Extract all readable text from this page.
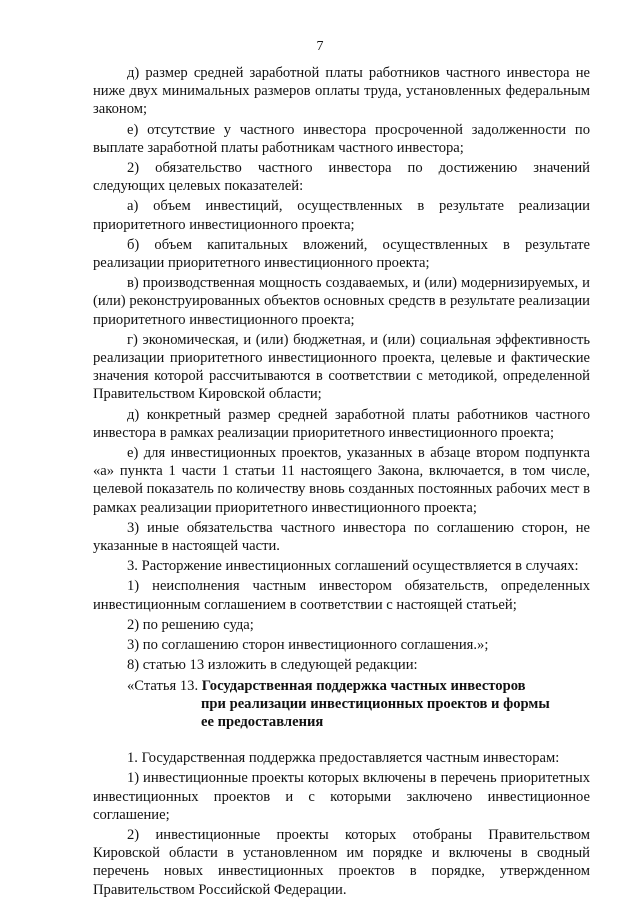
7

д) размер средней заработной платы работников частного инвестора не ниже двух минимальных размеров оплаты труда, установленных федеральным законом;

е) отсутствие у частного инвестора просроченной задолженности по выплате заработной платы работникам частного инвестора;

2) обязательство частного инвестора по достижению значений следующих целевых показателей:

а) объем инвестиций, осуществленных в результате реализации приоритетного инвестиционного проекта;

б) объем капитальных вложений, осуществленных в результате реализации приоритетного инвестиционного проекта;

в) производственная мощность создаваемых, и (или) модернизируемых, и (или) реконструированных объектов основных средств в результате реализации приоритетного инвестиционного проекта;

г) экономическая, и (или) бюджетная, и (или) социальная эффективность реализации приоритетного инвестиционного проекта, целевые и фактические значения которой рассчитываются в соответствии с методикой, определенной Правительством Кировской области;

д) конкретный размер средней заработной платы работников частного инвестора в рамках реализации приоритетного инвестиционного проекта;

е) для инвестиционных проектов, указанных в абзаце втором подпункта «а» пункта 1 части 1 статьи 11 настоящего Закона, включается, в том числе, целевой показатель по количеству вновь созданных постоянных рабочих мест в рамках реализации приоритетного инвестиционного проекта;

3) иные обязательства частного инвестора по соглашению сторон, не указанные в настоящей части.

3. Расторжение инвестиционных соглашений осуществляется в случаях:

1) неисполнения частным инвестором обязательств, определенных инвестиционным соглашением в соответствии с настоящей статьей;

2) по решению суда;

3) по соглашению сторон инвестиционного соглашения.»;

8) статью 13 изложить в следующей редакции:

«Статья 13. Государственная поддержка частных инвесторов

при реализации инвестиционных проектов и формы

ее предоставления

1. Государственная поддержка предоставляется частным инвесторам:

1) инвестиционные проекты которых включены в перечень приоритетных инвестиционных проектов и с которыми заключено инвестиционное соглашение;

2) инвестиционные проекты которых отобраны Правительством Кировской области в установленном им порядке и включены в сводный перечень новых инвестиционных проектов в порядке, утвержденном Правительством Российской Федерации.
